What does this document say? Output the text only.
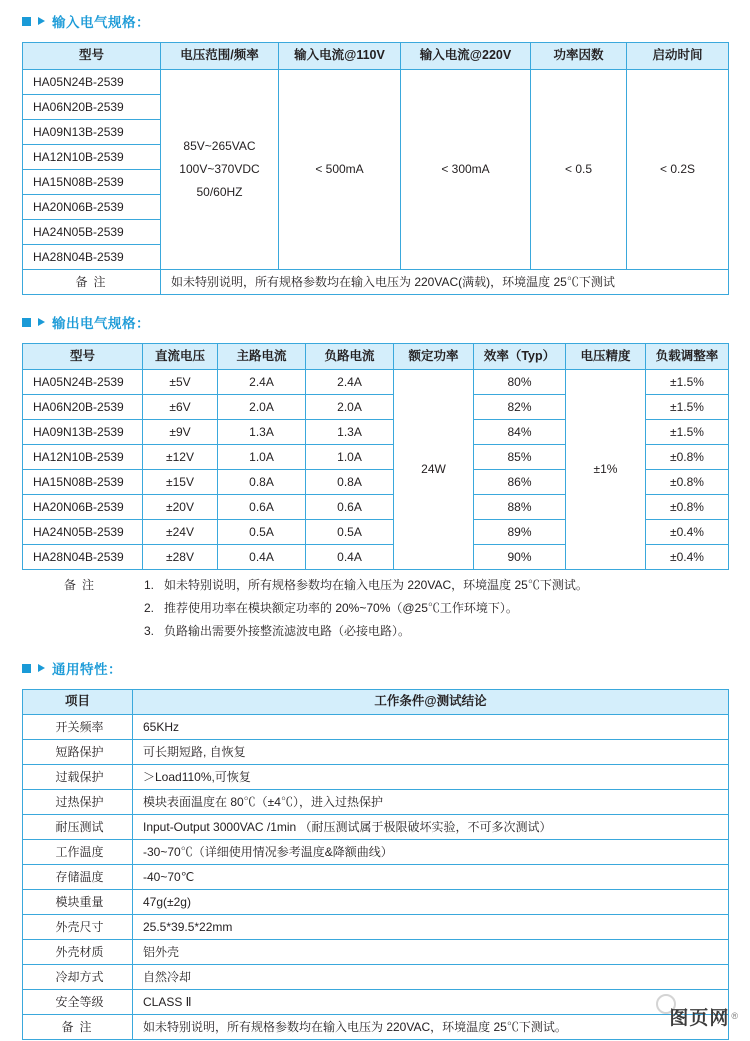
输入电气规格：
型号	电压范围/频率	输入电流@110V	输入电流@220V	功率因数	启动时间
HA05N24B-2539	85V~265VAC
100V~370VDC
50/60HZ	< 500mA	< 300mA	< 0.5	< 0.2S
HA06N20B-2539					
HA09N13B-2539					
HA12N10B-2539					
HA15N08B-2539					
HA20N06B-2539					
HA24N05B-2539					
HA28N04B-2539					
备注	如未特别说明，所有规格参数均在输入电压为 220VAC(满载)，环境温度 25℃下测试				
输出电气规格：
型号	直流电压	主路电流	负路电流	额定功率	效率（Typ）	电压精度	负载调整率
HA05N24B-2539	±5V	2.4A	2.4A	24W	80%	±1%	±1.5%
HA06N20B-2539	±6V	2.0A	2.0A		82%		±1.5%
HA09N13B-2539	±9V	1.3A	1.3A		84%		±1.5%
HA12N10B-2539	±12V	1.0A	1.0A		85%		±0.8%
HA15N08B-2539	±15V	0.8A	0.8A		86%		±0.8%
HA20N06B-2539	±20V	0.6A	0.6A		88%		±0.8%
HA24N05B-2539	±24V	0.5A	0.5A		89%		±0.4%
HA28N04B-2539	±28V	0.4A	0.4A		90%		±0.4%
备注	1. 如未特别说明，所有规格参数均在输入电压为 220VAC，环境温度 25℃下测试。
2. 推荐使用功率在模块额定功率的 20%~70%（@25℃工作环境下）。
3. 负路输出需要外接整流滤波电路（必接电路）。
通用特性：
项目	工作条件@测试结论
开关频率	65KHz
短路保护	可长期短路, 自恢复
过载保护	＞Load110%,可恢复
过热保护	模块表面温度在 80℃（±4℃），进入过热保护
耐压测试	Input-Output 3000VAC /1min （耐压测试属于极限破坏实验，不可多次测试）
工作温度	-30~70℃（详细使用情况参考温度&降额曲线）
存储温度	-40~70℃
模块重量	47g(±2g)
外壳尺寸	25.5*39.5*22mm
外壳材质	铝外壳
冷却方式	自然冷却
安全等级	CLASS Ⅱ
备注	如未特别说明，所有规格参数均在输入电压为 220VAC，环境温度 25℃下测试。	图页网 ®
